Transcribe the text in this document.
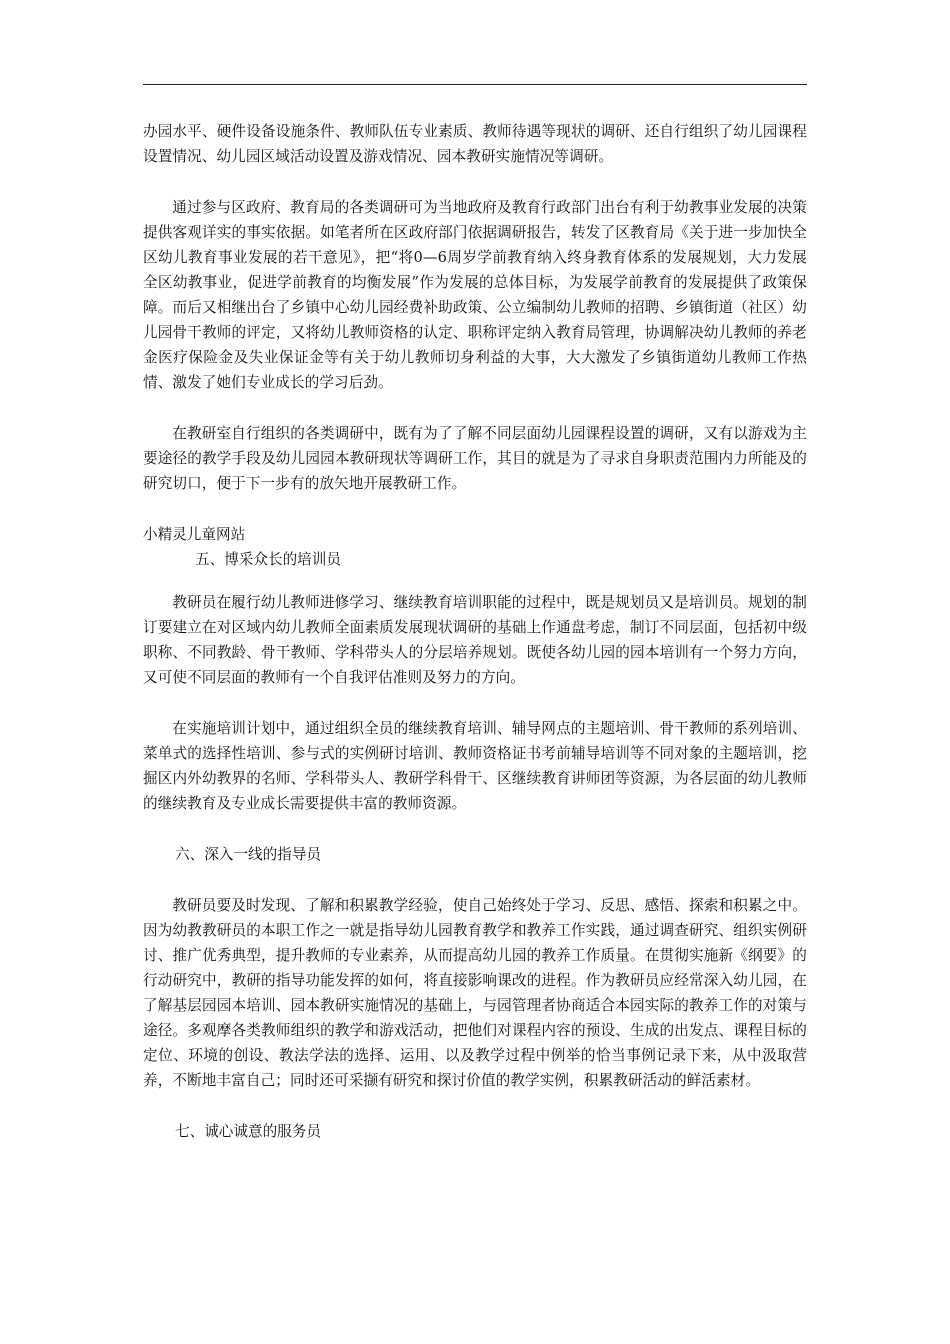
办园水平、硬件设备设施条件、教师队伍专业素质、教师待遇等现状的调研、还自行组织了幼儿园课程设置情况、幼儿园区域活动设置及游戏情况、园本教研实施情况等调研。

通过参与区政府、教育局的各类调研可为当地政府及教育行政部门出台有利于幼教事业发展的决策提供客观详实的事实依据。如笔者所在区政府部门依据调研报告，转发了区教育局《关于进一步加快全区幼儿教育事业发展的若干意见》，把“将0—6周岁学前教育纳入终身教育体系的发展规划，大力发展全区幼教事业，促进学前教育的均衡发展”作为发展的总体目标，为发展学前教育的发展提供了政策保障。而后又相继出台了乡镇中心幼儿园经费补助政策、公立编制幼儿教师的招聘、乡镇街道（社区）幼儿园骨干教师的评定，又将幼儿教师资格的认定、职称评定纳入教育局管理，协调解决幼儿教师的养老金医疗保险金及失业保证金等有关于幼儿教师切身利益的大事，大大激发了乡镇街道幼儿教师工作热情、激发了她们专业成长的学习后劲。

在教研室自行组织的各类调研中，既有为了了解不同层面幼儿园课程设置的调研，又有以游戏为主要途径的教学手段及幼儿园园本教研现状等调研工作，其目的就是为了寻求自身职责范围内力所能及的研究切口，便于下一步有的放矢地开展教研工作。

小精灵儿童网站

五、博采众长的培训员

教研员在履行幼儿教师进修学习、继续教育培训职能的过程中，既是规划员又是培训员。规划的制订要建立在对区域内幼儿教师全面素质发展现状调研的基础上作通盘考虑，制订不同层面，包括初中级职称、不同教龄、骨干教师、学科带头人的分层培养规划。既使各幼儿园的园本培训有一个努力方向，又可使不同层面的教师有一个自我评估准则及努力的方向。

在实施培训计划中，通过组织全员的继续教育培训、辅导网点的主题培训、骨干教师的系列培训、菜单式的选择性培训、参与式的实例研讨培训、教师资格证书考前辅导培训等不同对象的主题培训，挖掘区内外幼教界的名师、学科带头人、教研学科骨干、区继续教育讲师团等资源，为各层面的幼儿教师的继续教育及专业成长需要提供丰富的教师资源。

六、深入一线的指导员

教研员要及时发现、了解和积累教学经验，使自己始终处于学习、反思、感悟、探索和积累之中。因为幼教教研员的本职工作之一就是指导幼儿园教育教学和教养工作实践，通过调查研究、组织实例研讨、推广优秀典型，提升教师的专业素养，从而提高幼儿园的教养工作质量。在贯彻实施新《纲要》的行动研究中，教研的指导功能发挥的如何，将直接影响课改的进程。作为教研员应经常深入幼儿园，在了解基层园园本培训、园本教研实施情况的基础上，与园管理者协商适合本园实际的教养工作的对策与途径。多观摩各类教师组织的教学和游戏活动，把他们对课程内容的预设、生成的出发点、课程目标的定位、环境的创设、教法学法的选择、运用、以及教学过程中例举的恰当事例记录下来，从中汲取营养，不断地丰富自己；同时还可采撷有研究和探讨价值的教学实例，积累教研活动的鲜活素材。

七、诚心诚意的服务员
